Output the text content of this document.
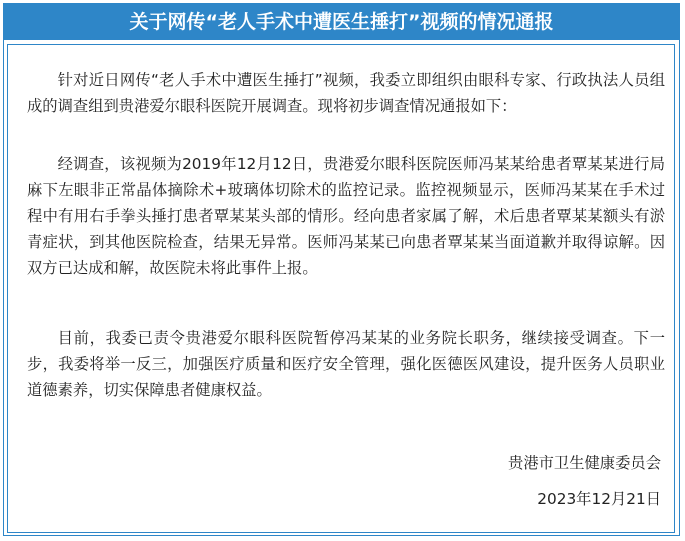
关于网传“老人手术中遭医生捶打”视频的情况通报

针对近日网传“老人手术中遭医生捶打”视频，我委立即组织由眼科专家、行政执法人员组成的调查组到贵港爱尔眼科医院开展调查。现将初步调查情况通报如下：

经调查，该视频为2019年12月12日，贵港爱尔眼科医院医师冯某某给患者覃某某进行局麻下左眼非正常晶体摘除术+玻璃体切除术的监控记录。监控视频显示，医师冯某某在手术过程中有用右手拳头捶打患者覃某某头部的情形。经向患者家属了解，术后患者覃某某额头有淤青症状，到其他医院检查，结果无异常。医师冯某某已向患者覃某某当面道歉并取得谅解。因双方已达成和解，故医院未将此事件上报。

目前，我委已责令贵港爱尔眼科医院暂停冯某某的业务院长职务，继续接受调查。下一步，我委将举一反三，加强医疗质量和医疗安全管理，强化医德医风建设，提升医务人员职业道德素养，切实保障患者健康权益。

贵港市卫生健康委员会
2023年12月21日
